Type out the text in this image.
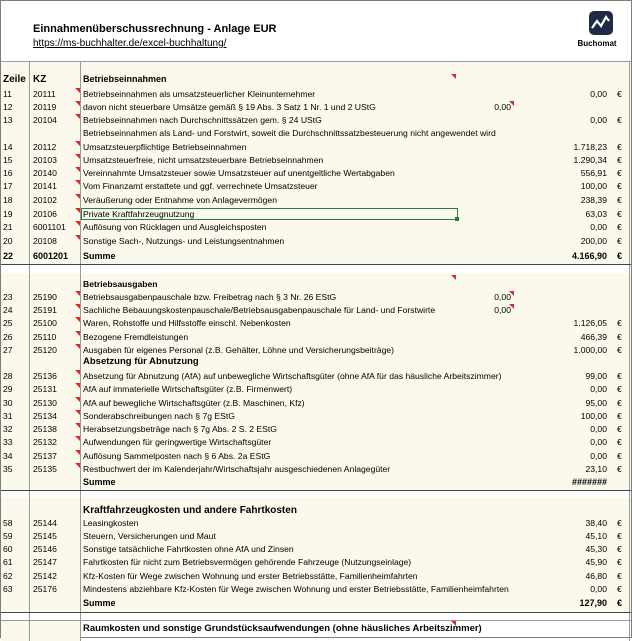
Einnahmenüberschussrechnung - Anlage EUR
https://ms-buchhalter.de/excel-buchhaltung/	Buchomat
Zeile KZ	Betriebseinnahmen
11	20111	Betriebseinnahmen als umsatzsteuerlicher Kleinunternehmer	0,00 €
12	20119	davon nicht steuerbare Umsätze gemäß § 19 Abs. 3 Satz 1 Nr. 1 und 2 UStG	0,00
13	20104	Betriebseinnahmen nach Durchschnittssätzen gem. § 24 UStG	0,00 €
Betriebseinnahmen als Land- und Forstwirt, soweit die Durchschnittssatzbesteuerung nicht angewendet wird
14	20112	Umsatzsteuerpflichtige Betriebseinnahmen	1.718,23 €
15	20103	Umsatzsteuerfreie, nicht umsatzsteuerbare Betriebseinnahmen	1.290,34 €
16	20140	Vereinnahmte Umsatzsteuer sowie Umsatzsteuer auf unentgeltliche Wertabgaben	556,91 €
17	20141	Vom Finanzamt erstattete und ggf. verrechnete Umsatzsteuer	100,00 €
18	20102	Veräußerung oder Entnahme von Anlagevermögen	238,39 €
19	20106	Private Kraftfahrzeugnutzung	63,03 €
21	6001101	Auflösung von Rücklagen und Ausgleichsposten	0,00 €
20	20108	Sonstige Sach-, Nutzungs- und Leistungsentnahmen	200,00 €
22	6001201	Summe	4.166,90 €
Betriebsausgaben
23	25190	Betriebsausgabenpauschale bzw. Freibetrag nach § 3 Nr. 26 EStG	0,00
24	25191	Sachliche Bebauungskostenpauschale/Betriebsausgabenpauschale für Land- und Forstwirte	0,00
25	25100	Waren, Rohstoffe und Hilfsstoffe einschl. Nebenkosten	1.126,05 €
26	25110	Bezogene Fremdleistungen	466,39 €
27	25120	Ausgaben für eigenes Personal (z.B. Gehälter, Löhne und Versicherungsbeiträge)	1.000,00 €
Absetzung für Abnutzung
28	25136	Absetzung für Abnutzung (AfA) auf unbewegliche Wirtschaftsgüter (ohne AfA für das häusliche Arbeitszimmer)	99,00 €
29	25131	AfA auf immaterielle Wirtschaftsgüter (z.B. Firmenwert)	0,00 €
30	25130	AfA auf bewegliche Wirtschaftsgüter (z.B. Maschinen, Kfz)	95,00 €
31	25134	Sonderabschreibungen nach § 7g EStG	100,00 €
32	25138	Herabsetzungsbeträge nach § 7g Abs. 2 S. 2 EStG	0,00 €
33	25132	Aufwendungen für geringwertige Wirtschaftsgüter	0,00 €
34	25137	Auflösung Sammelposten nach § 6 Abs. 2a EStG	0,00 €
35	25135	Restbuchwert der im Kalenderjahr/Wirtschaftsjahr ausgeschiedenen Anlagegüter	23,10 €
Summe	#######
Kraftfahrzeugkosten und andere Fahrtkosten
58	25144	Leasingkosten	38,40 €
59	25145	Steuern, Versicherungen und Maut	45,10 €
60	25146	Sonstige tatsächliche Fahrtkosten ohne AfA und Zinsen	45,30 €
61	25147	Fahrtkosten für nicht zum Betriebsvermögen gehörende Fahrzeuge (Nutzungseinlage)	45,90 €
62	25142	Kfz-Kosten für Wege zwischen Wohnung und erster Betriebsstätte, Familienheimfahrten	46,80 €
63	25176	Mindestens abziehbare Kfz-Kosten für Wege zwischen Wohnung und erster Betriebsstätte, Familienheimfahrten	0,00 €
Summe	127,90 €
Raumkosten und sonstige Grundstücksaufwendungen (ohne häusliches Arbeitszimmer)
